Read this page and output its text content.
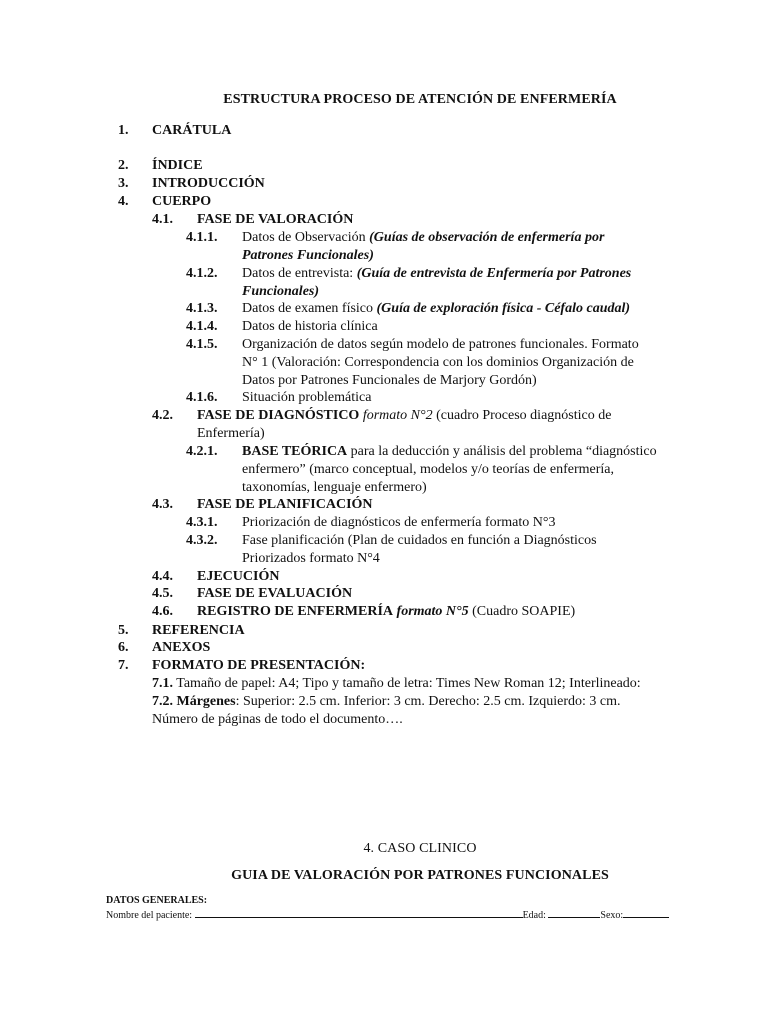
ESTRUCTURA PROCESO DE ATENCIÓN DE ENFERMERÍA
1. CARÁTULA
2. ÍNDICE
3. INTRODUCCIÓN
4. CUERPO
4.1. FASE DE VALORACIÓN
4.1.1. Datos de Observación (Guías de observación de enfermería por
Patrones Funcionales)
4.1.2. Datos de entrevista: (Guía de entrevista de Enfermería por Patrones
Funcionales)
4.1.3. Datos de examen físico (Guía de exploración física - Céfalo caudal)
4.1.4. Datos de historia clínica
4.1.5. Organización de datos según modelo de patrones funcionales. Formato
N° 1 (Valoración: Correspondencia con los dominios Organización de
Datos por Patrones Funcionales de Marjory Gordón)
4.1.6. Situación problemática
4.2. FASE DE DIAGNÓSTICO formato N°2 (cuadro Proceso diagnóstico de
Enfermería)
4.2.1. BASE TEÓRICA para la deducción y análisis del problema “diagnóstico
enfermero” (marco conceptual, modelos y/o teorías de enfermería,
taxonomías, lenguaje enfermero)
4.3. FASE DE PLANIFICACIÓN
4.3.1. Priorización de diagnósticos de enfermería formato N°3
4.3.2. Fase planificación (Plan de cuidados en función a Diagnósticos
Priorizados formato N°4
4.4. EJECUCIÓN
4.5. FASE DE EVALUACIÓN
4.6. REGISTRO DE ENFERMERÍA formato N°5 (Cuadro SOAPIE)
5. REFERENCIA
6. ANEXOS
7. FORMATO DE PRESENTACIÓN:
7.1. Tamaño de papel: A4; Tipo y tamaño de letra: Times New Roman 12; Interlineado:
7.2. Márgenes: Superior: 2.5 cm. Inferior: 3 cm. Derecho: 2.5 cm. Izquierdo: 3 cm.
Número de páginas de todo el documento….
4. CASO CLINICO
GUIA DE VALORACIÓN POR PATRONES FUNCIONALES
DATOS GENERALES:
Nombre del paciente:	Edad:	Sexo:
